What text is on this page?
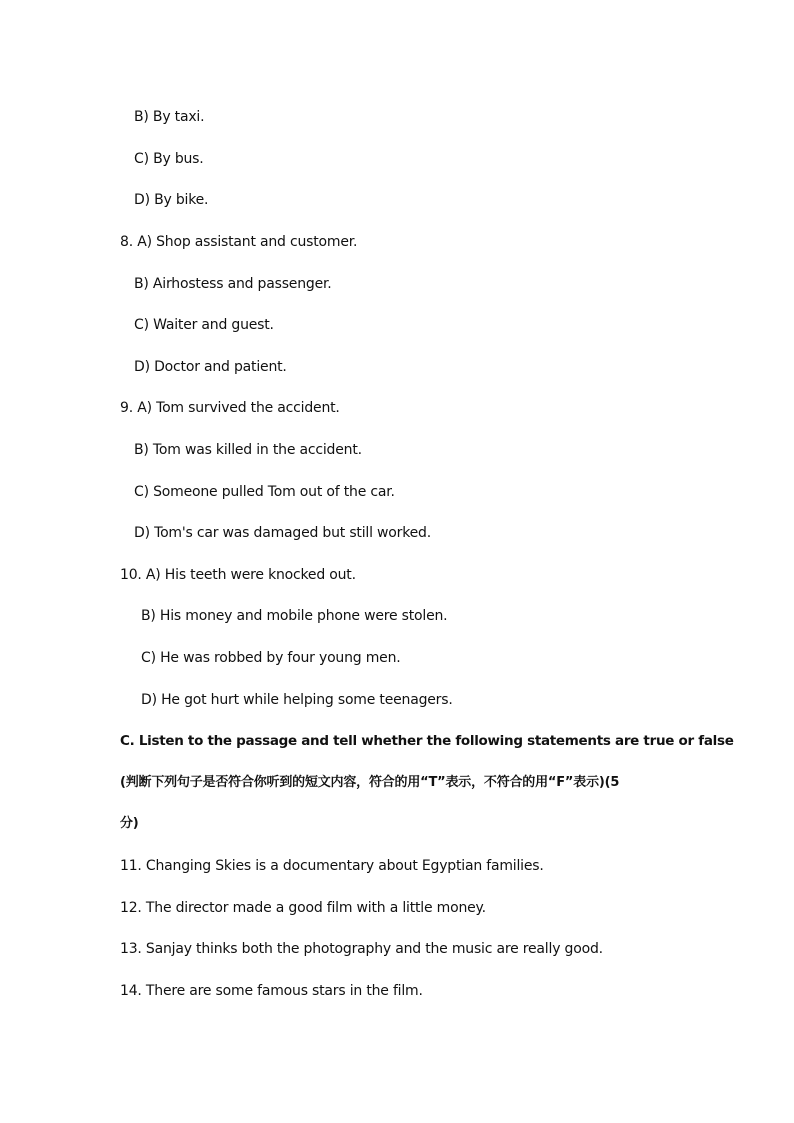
B) By taxi.
C) By bus.
D) By bike.
8. A) Shop assistant and customer.
B) Airhostess and passenger.
C) Waiter and guest.
D) Doctor and patient.
9. A) Tom survived the accident.
B) Tom was killed in the accident.
C) Someone pulled Tom out of the car.
D) Tom's car was damaged but still worked.
10. A) His teeth were knocked out.
B) His money and mobile phone were stolen.
C) He was robbed by four young men.
D) He got hurt while helping some teenagers.
C. Listen to the passage and tell whether the following statements are true or false
(判断下列句子是否符合你听到的短文内容，符合的用“T”表示，不符合的用“F”表示)(5
分)
11. Changing Skies is a documentary about Egyptian families.
12. The director made a good film with a little money.
13. Sanjay thinks both the photography and the music are really good.
14. There are some famous stars in the film.
